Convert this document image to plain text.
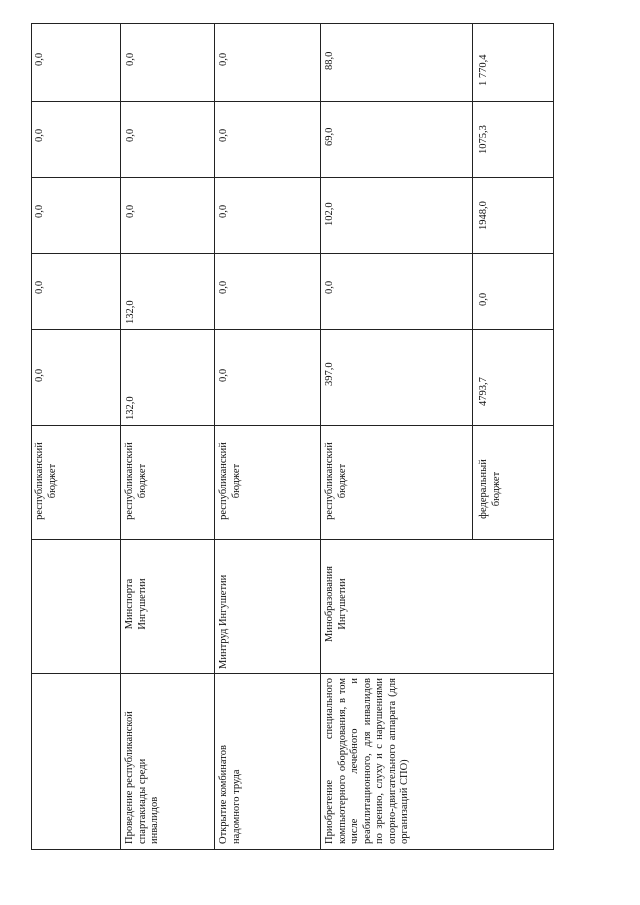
0,0
0,0
0,0
0,0
0,0
республиканский
бюджет
0,0
0,0
0,0
132,0
132,0
республиканский
бюджет
Минспорта
Ингушетии
Проведение республиканской
спартакиады среди
инвалидов
0,0
0,0
0,0
0,0
0,0
республиканский
бюджет
Минтруд Ингушетии
Открытие комбинатов
надомного труда
88,0
69,0
102,0
0,0
397,0
республиканский
бюджет
Минобразования
Ингушетии
Приобретение специального компьютерного оборудования, в том числе лечебного и реабилитационного, для инвалидов по зрению, слуху и с нарушениями опорно-двигательного аппарата (для организаций СПО)
1 770,4
1075,3
1948,0
0,0
4793,7
федеральный
бюджет
